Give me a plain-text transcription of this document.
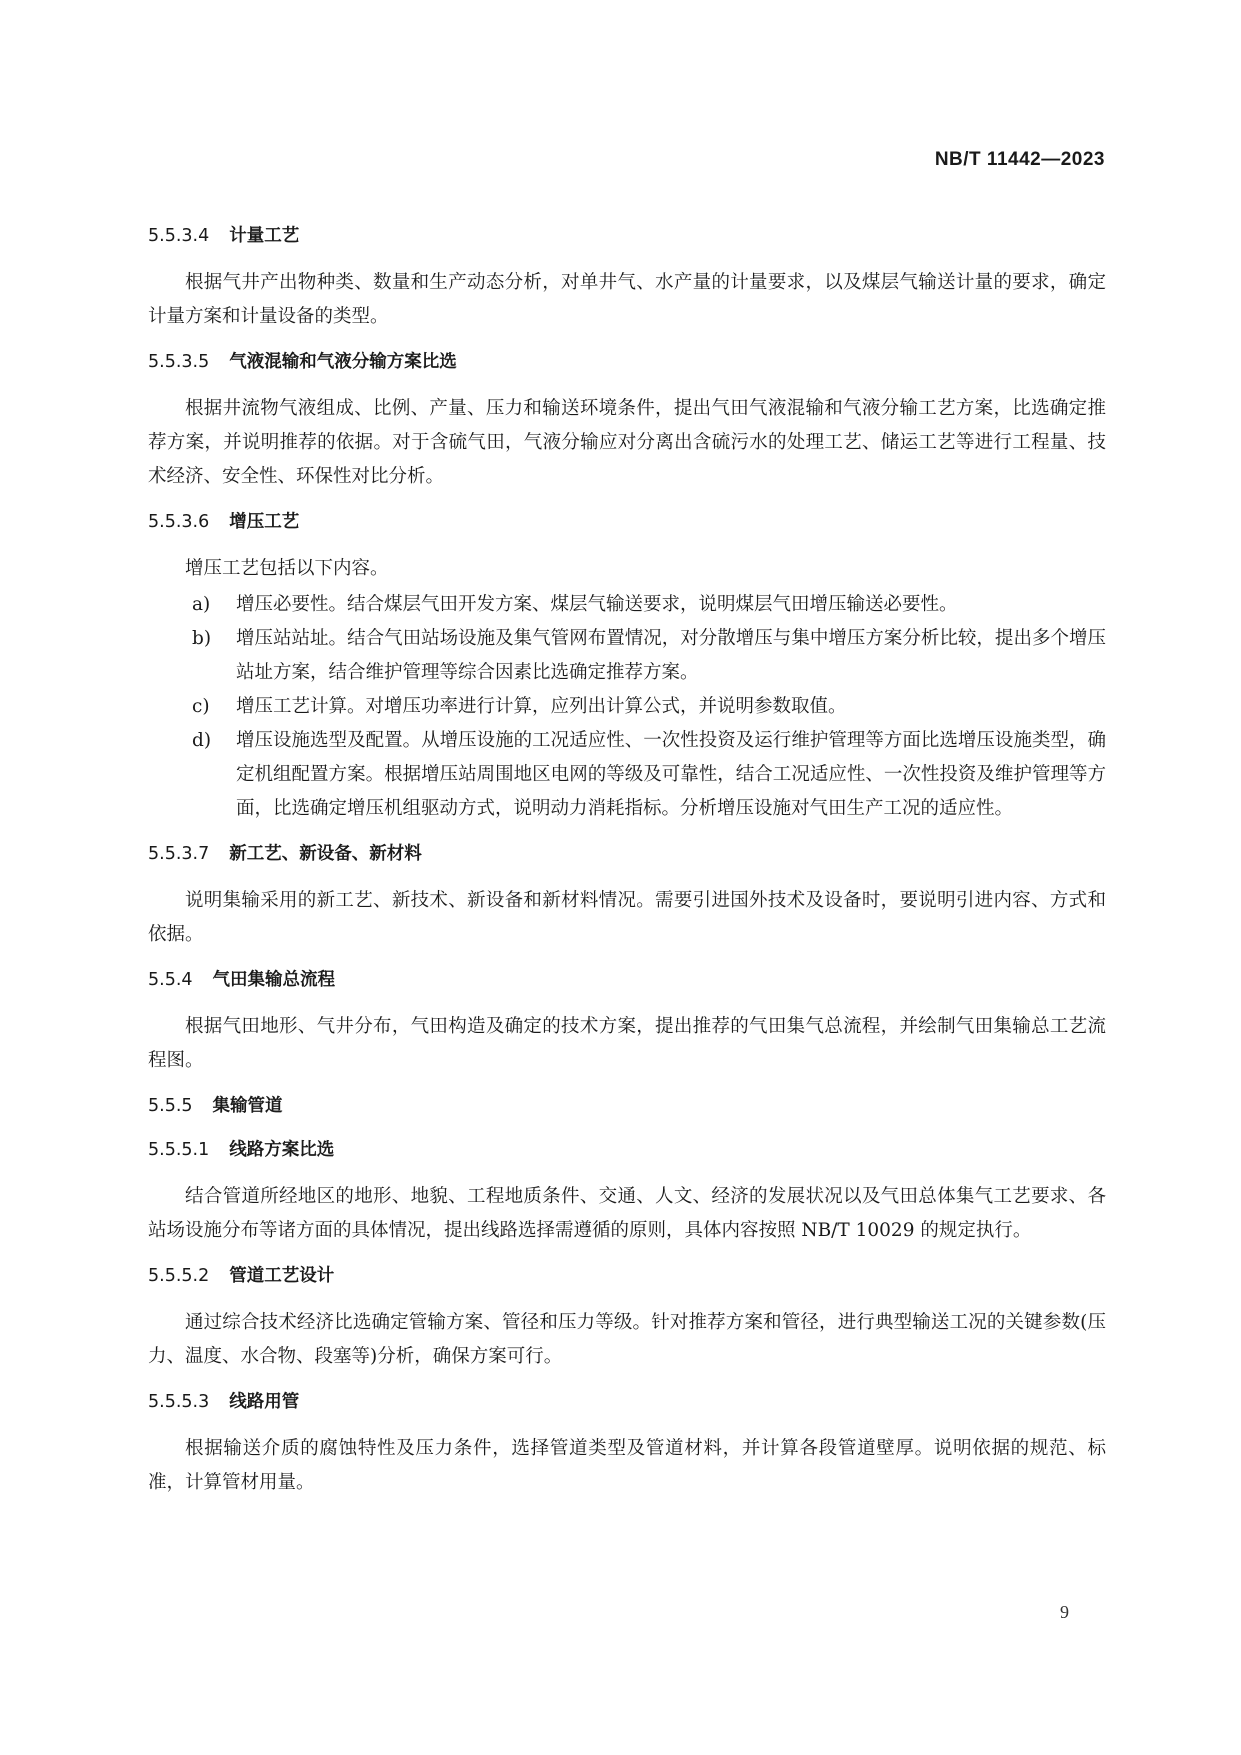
NB/T 11442—2023
5.5.3.4 计量工艺

根据气井产出物种类、数量和生产动态分析，对单井气、水产量的计量要求，以及煤层气输送计量的要求，确定计量方案和计量设备的类型。

5.5.3.5 气液混输和气液分输方案比选

根据井流物气液组成、比例、产量、压力和输送环境条件，提出气田气液混输和气液分输工艺方案，比选确定推荐方案，并说明推荐的依据。对于含硫气田，气液分输应对分离出含硫污水的处理工艺、储运工艺等进行工程量、技术经济、安全性、环保性对比分析。

5.5.3.6 增压工艺

增压工艺包括以下内容。

a)	增压必要性。结合煤层气田开发方案、煤层气输送要求，说明煤层气田增压输送必要性。
b)	增压站站址。结合气田站场设施及集气管网布置情况，对分散增压与集中增压方案分析比较，提出多个增压站址方案，结合维护管理等综合因素比选确定推荐方案。
c)	增压工艺计算。对增压功率进行计算，应列出计算公式，并说明参数取值。
d)	增压设施选型及配置。从增压设施的工况适应性、一次性投资及运行维护管理等方面比选增压设施类型，确定机组配置方案。根据增压站周围地区电网的等级及可靠性，结合工况适应性、一次性投资及维护管理等方面，比选确定增压机组驱动方式，说明动力消耗指标。分析增压设施对气田生产工况的适应性。
5.5.3.7 新工艺、新设备、新材料

说明集输采用的新工艺、新技术、新设备和新材料情况。需要引进国外技术及设备时，要说明引进内容、方式和依据。

5.5.4 气田集输总流程

根据气田地形、气井分布，气田构造及确定的技术方案，提出推荐的气田集气总流程，并绘制气田集输总工艺流程图。

5.5.5 集输管道
5.5.5.1 线路方案比选

结合管道所经地区的地形、地貌、工程地质条件、交通、人文、经济的发展状况以及气田总体集气工艺要求、各站场设施分布等诸方面的具体情况，提出线路选择需遵循的原则，具体内容按照 NB/T 10029 的规定执行。

5.5.5.2 管道工艺设计

通过综合技术经济比选确定管输方案、管径和压力等级。针对推荐方案和管径，进行典型输送工况的关键参数(压力、温度、水合物、段塞等)分析，确保方案可行。

5.5.5.3 线路用管

根据输送介质的腐蚀特性及压力条件，选择管道类型及管道材料，并计算各段管道壁厚。说明依据的规范、标准，计算管材用量。

9
